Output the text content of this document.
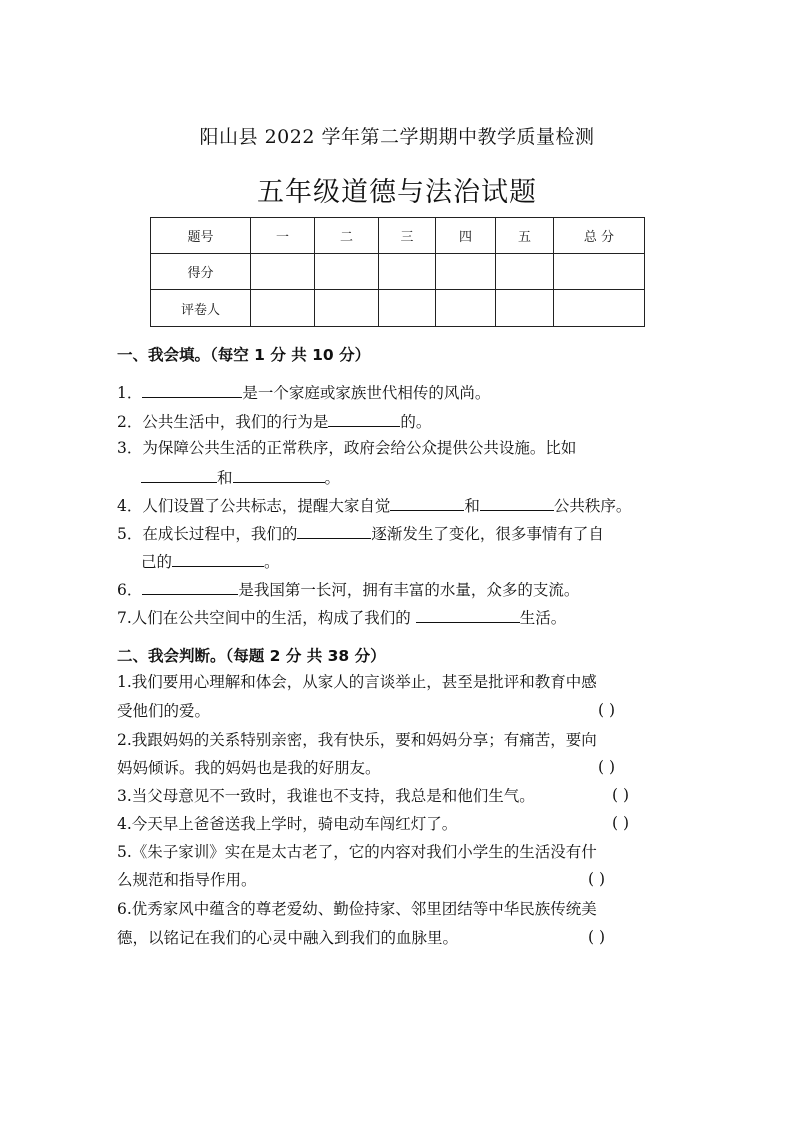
阳山县 2022 学年第二学期期中教学质量检测
五年级道德与法治试题
题号	一	二	三	四	五	总 分
得分						
评卷人						
一、我会填。（每空 1 分 共 10 分）
1．	是一个家庭或家族世代相传的风尚。
2．公共生活中，我们的行为是	的。
3．为保障公共生活的正常秩序，政府会给公众提供公共设施。比如
和	。
4．人们设置了公共标志，提醒大家自觉	和	公共秩序。
5．在成长过程中，我们的	逐渐发生了变化，很多事情有了自
己的	。
6．	是我国第一长河，拥有丰富的水量，众多的支流。
7.人们在公共空间中的生活，构成了我们的	生活。
二、我会判断。（每题 2 分 共 38 分）
1.我们要用心理解和体会，从家人的言谈举止，甚至是批评和教育中感
受他们的爱。	( )
2.我跟妈妈的关系特别亲密，我有快乐，要和妈妈分享；有痛苦，要向
妈妈倾诉。我的妈妈也是我的好朋友。	( )
3.当父母意见不一致时，我谁也不支持，我总是和他们生气。	( )
4.今天早上爸爸送我上学时，骑电动车闯红灯了。	( )
5.《朱子家训》实在是太古老了，它的内容对我们小学生的生活没有什
么规范和指导作用。	( )
6.优秀家风中蕴含的尊老爱幼、勤俭持家、邻里团结等中华民族传统美
德，以铭记在我们的心灵中融入到我们的血脉里。	( )
